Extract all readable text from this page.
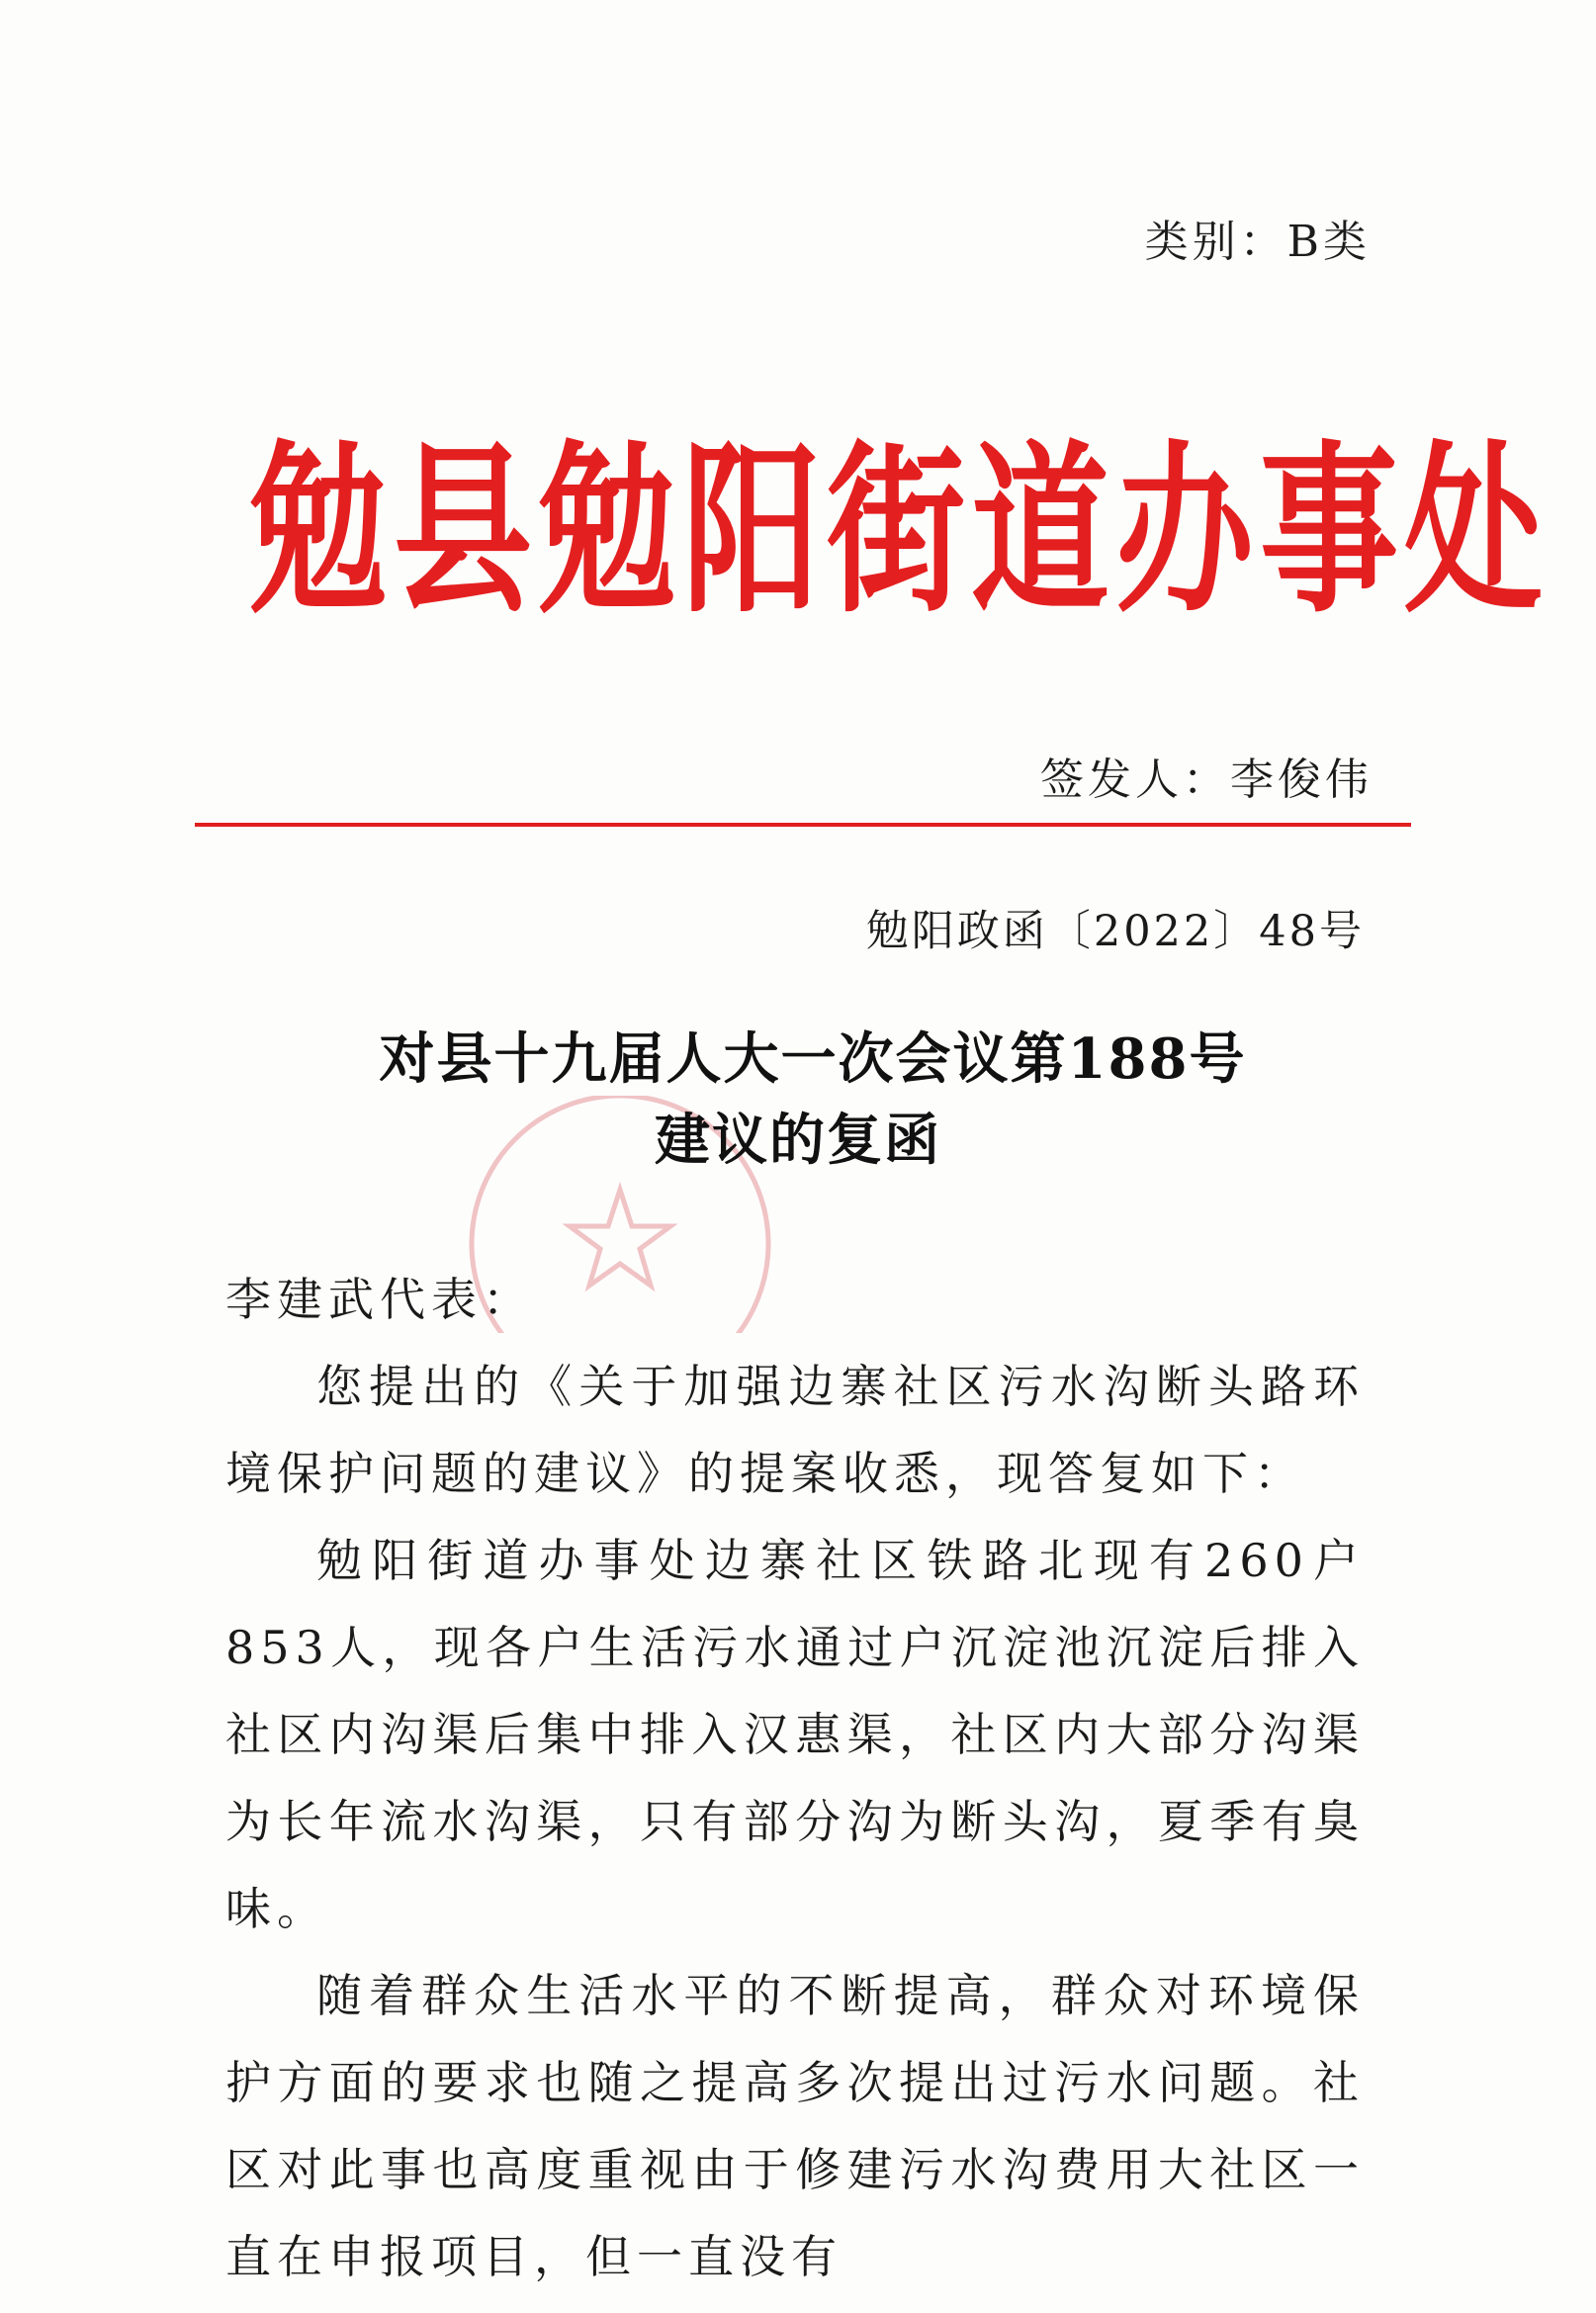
类别：B类
勉县勉阳街道办事处
签发人：李俊伟
勉阳政函〔2022〕48号
对县十九届人大一次会议第188号
建议的复函

李建武代表：

您提出的《关于加强边寨社区污水沟断头路环境保护问题的建议》的提案收悉，现答复如下：

勉阳街道办事处边寨社区铁路北现有260户853人，现各户生活污水通过户沉淀池沉淀后排入社区内沟渠后集中排入汉惠渠，社区内大部分沟渠为长年流水沟渠，只有部分沟为断头沟，夏季有臭味。

随着群众生活水平的不断提高，群众对环境保护方面的要求也随之提高多次提出过污水问题。社区对此事也高度重视由于修建污水沟费用大社区一直在申报项目，但一直没有
